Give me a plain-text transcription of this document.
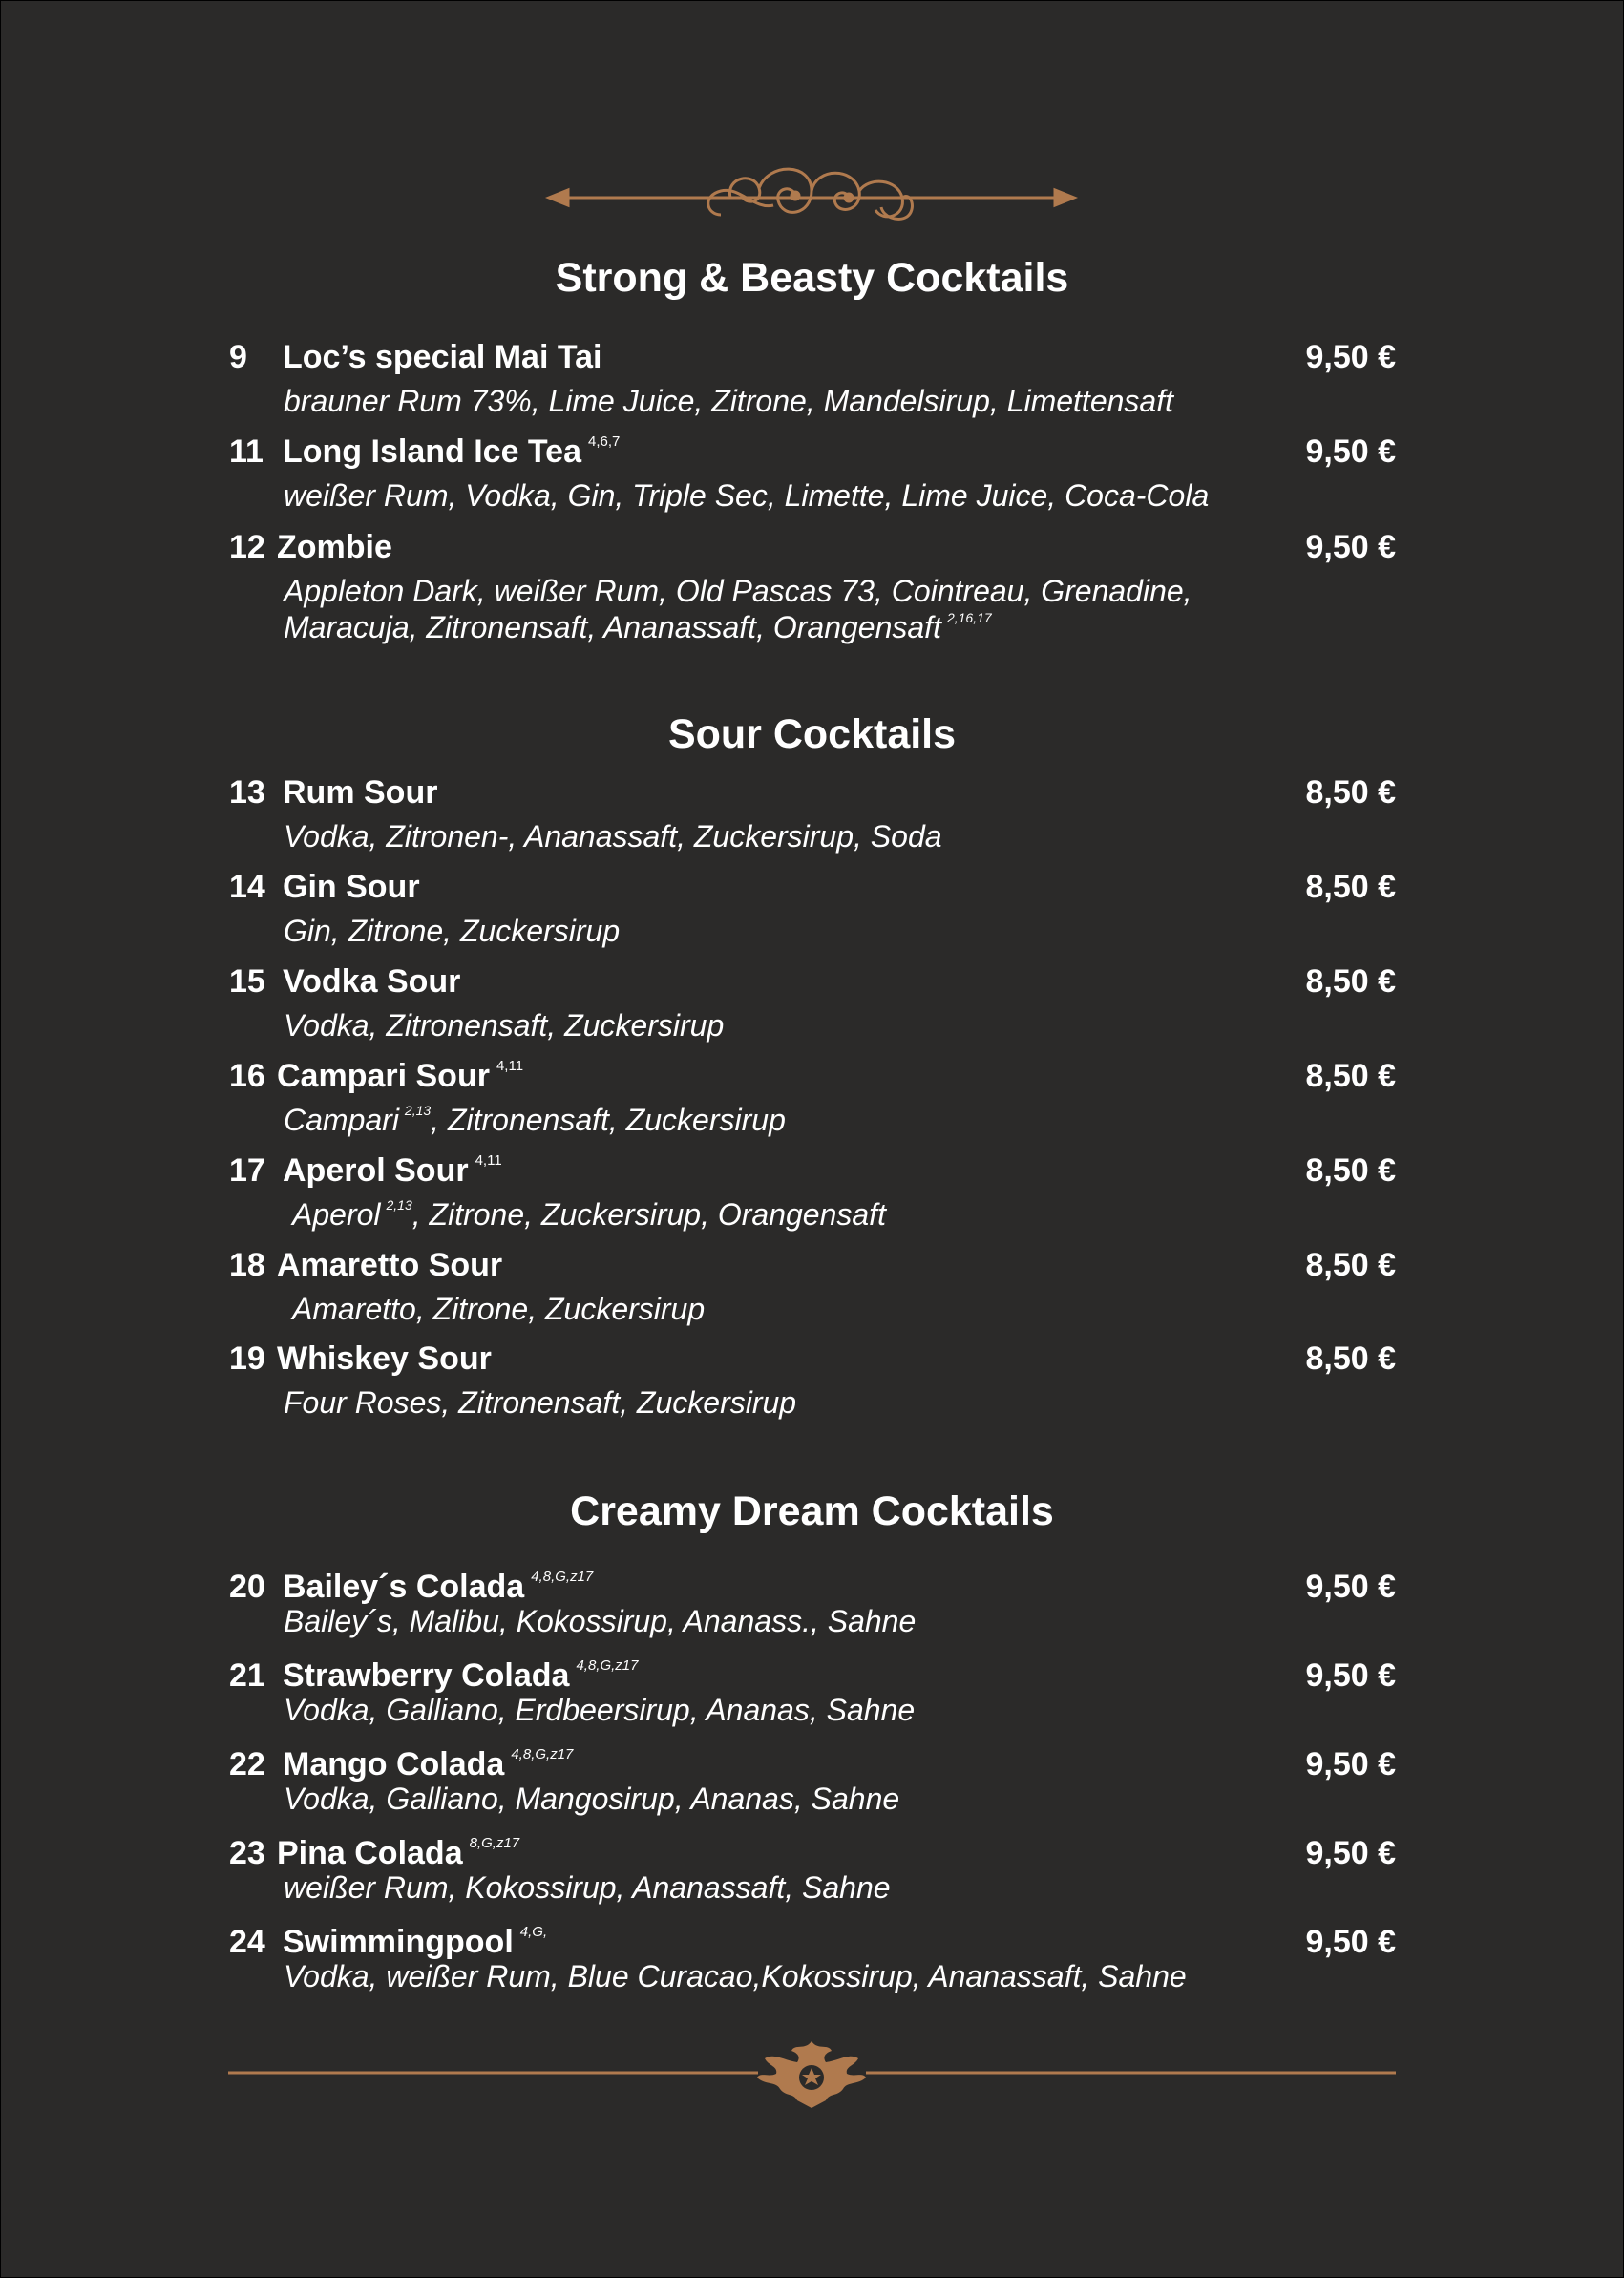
Strong & Beasty Cocktails
9 Loc’s special Mai Tai	9,50 €
brauner Rum 73%, Lime Juice, Zitrone, Mandelsirup, Limettensaft
11 Long Island Ice Tea $^{4,6,7}$	9,50 €
weißer Rum, Vodka, Gin, Triple Sec, Limette, Lime Juice, Coca-Cola
12 Zombie	9,50 €
Appleton Dark, weißer Rum, Old Pascas 73, Cointreau, Grenadine,
Maracuja, Zitronensaft, Ananassaft, Orangensaft $^{2,16,17}$
Sour Cocktails
13 Rum Sour	8,50 €
Vodka, Zitronen-, Ananassaft, Zuckersirup, Soda
14 Gin Sour	8,50 €
Gin, Zitrone, Zuckersirup
15 Vodka Sour	8,50 €
Vodka, Zitronensaft, Zuckersirup
16 Campari Sour $^{4,11}$	8,50 €
Campari $^{2,13}$, Zitronensaft, Zuckersirup
17 Aperol Sour $^{4,11}$	8,50 €
Aperol $^{2,13}$, Zitrone, Zuckersirup, Orangensaft
18 Amaretto Sour	8,50 €
Amaretto, Zitrone, Zuckersirup
19 Whiskey Sour	8,50 €
Four Roses, Zitronensaft, Zuckersirup
Creamy Dream Cocktails
20 Bailey´s Colada $^{4,8,G,z17}$	9,50 €
Bailey´s, Malibu, Kokossirup, Ananass., Sahne
21 Strawberry Colada $^{4,8,G,z17}$	9,50 €
Vodka, Galliano, Erdbeersirup, Ananas, Sahne
22 Mango Colada $^{4,8,G,z17}$	9,50 €
Vodka, Galliano, Mangosirup, Ananas, Sahne
23 Pina Colada $^{8,G,z17}$	9,50 €
weißer Rum, Kokossirup, Ananassaft, Sahne
24 Swimmingpool $^{4,G,}$	9,50 €
Vodka, weißer Rum, Blue Curacao,Kokossirup, Ananassaft, Sahne
